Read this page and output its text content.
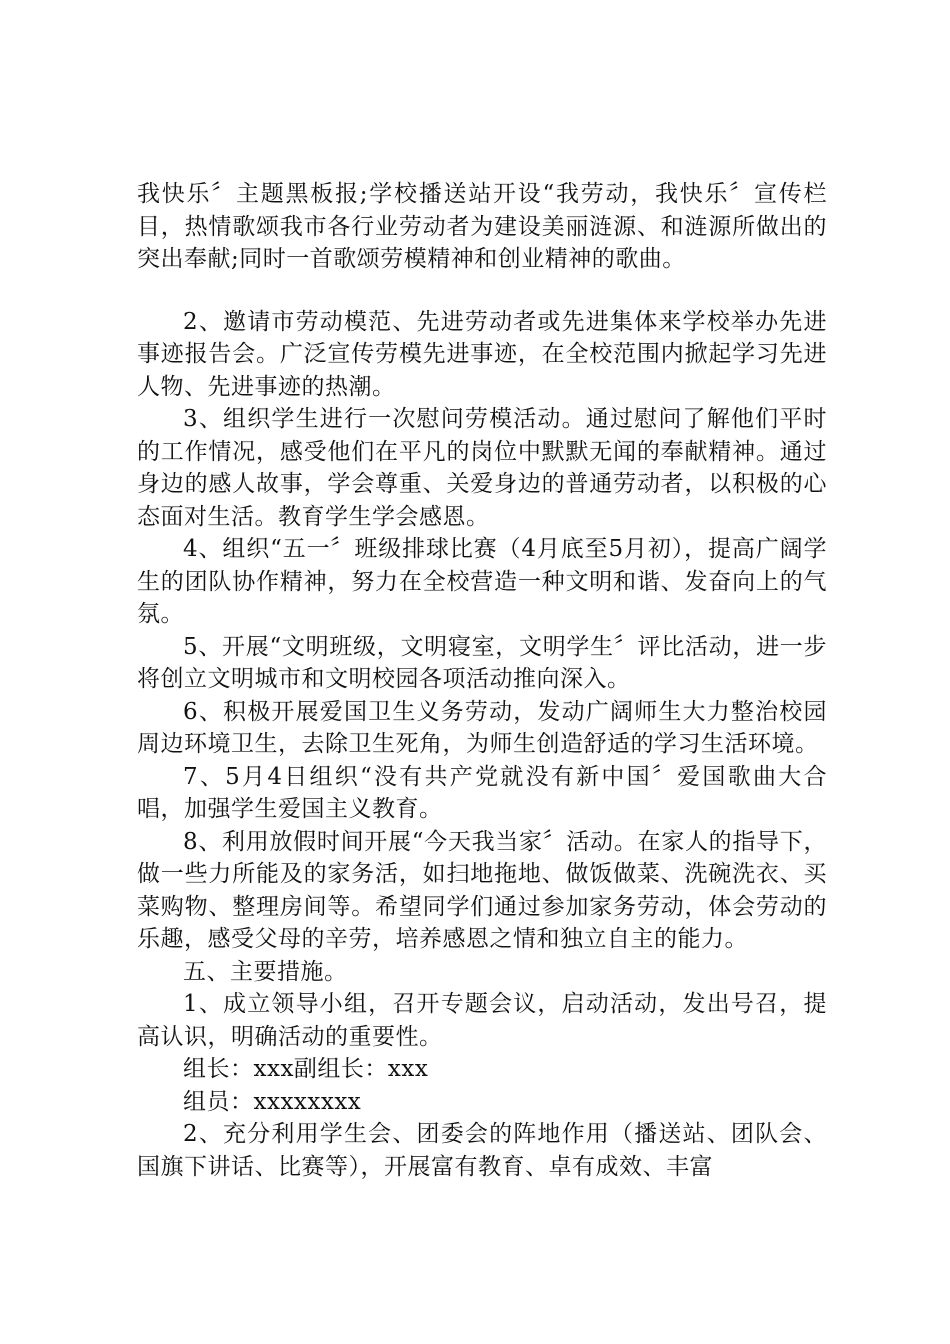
我快乐〞主题黑板报;学校播送站开设“我劳动，我快乐〞宣传栏目，热情歌颂我市各行业劳动者为建设美丽涟源、和涟源所做出的突出奉献;同时一首歌颂劳模精神和创业精神的歌曲。

2、邀请市劳动模范、先进劳动者或先进集体来学校举办先进事迹报告会。广泛宣传劳模先进事迹，在全校范围内掀起学习先进人物、先进事迹的热潮。

3、组织学生进行一次慰问劳模活动。通过慰问了解他们平时的工作情况，感受他们在平凡的岗位中默默无闻的奉献精神。通过身边的感人故事，学会尊重、关爱身边的普通劳动者，以积极的心态面对生活。教育学生学会感恩。

4、组织“五一〞班级排球比赛（4月底至5月初），提高广阔学生的团队协作精神，努力在全校营造一种文明和谐、发奋向上的气氛。

5、开展“文明班级，文明寝室，文明学生〞评比活动，进一步将创立文明城市和文明校园各项活动推向深入。

6、积极开展爱国卫生义务劳动，发动广阔师生大力整治校园周边环境卫生，去除卫生死角，为师生创造舒适的学习生活环境。

7、5月4日组织“没有共产党就没有新中国〞爱国歌曲大合唱，加强学生爱国主义教育。

8、利用放假时间开展“今天我当家〞活动。在家人的指导下，做一些力所能及的家务活，如扫地拖地、做饭做菜、洗碗洗衣、买菜购物、整理房间等。希望同学们通过参加家务劳动，体会劳动的乐趣，感受父母的辛劳，培养感恩之情和独立自主的能力。

五、主要措施。

1、成立领导小组，召开专题会议，启动活动，发出号召，提高认识，明确活动的重要性。

组长：xxx副组长：xxx

组员：xxxxxxxx

2、充分利用学生会、团委会的阵地作用（播送站、团队会、国旗下讲话、比赛等），开展富有教育、卓有成效、丰富
